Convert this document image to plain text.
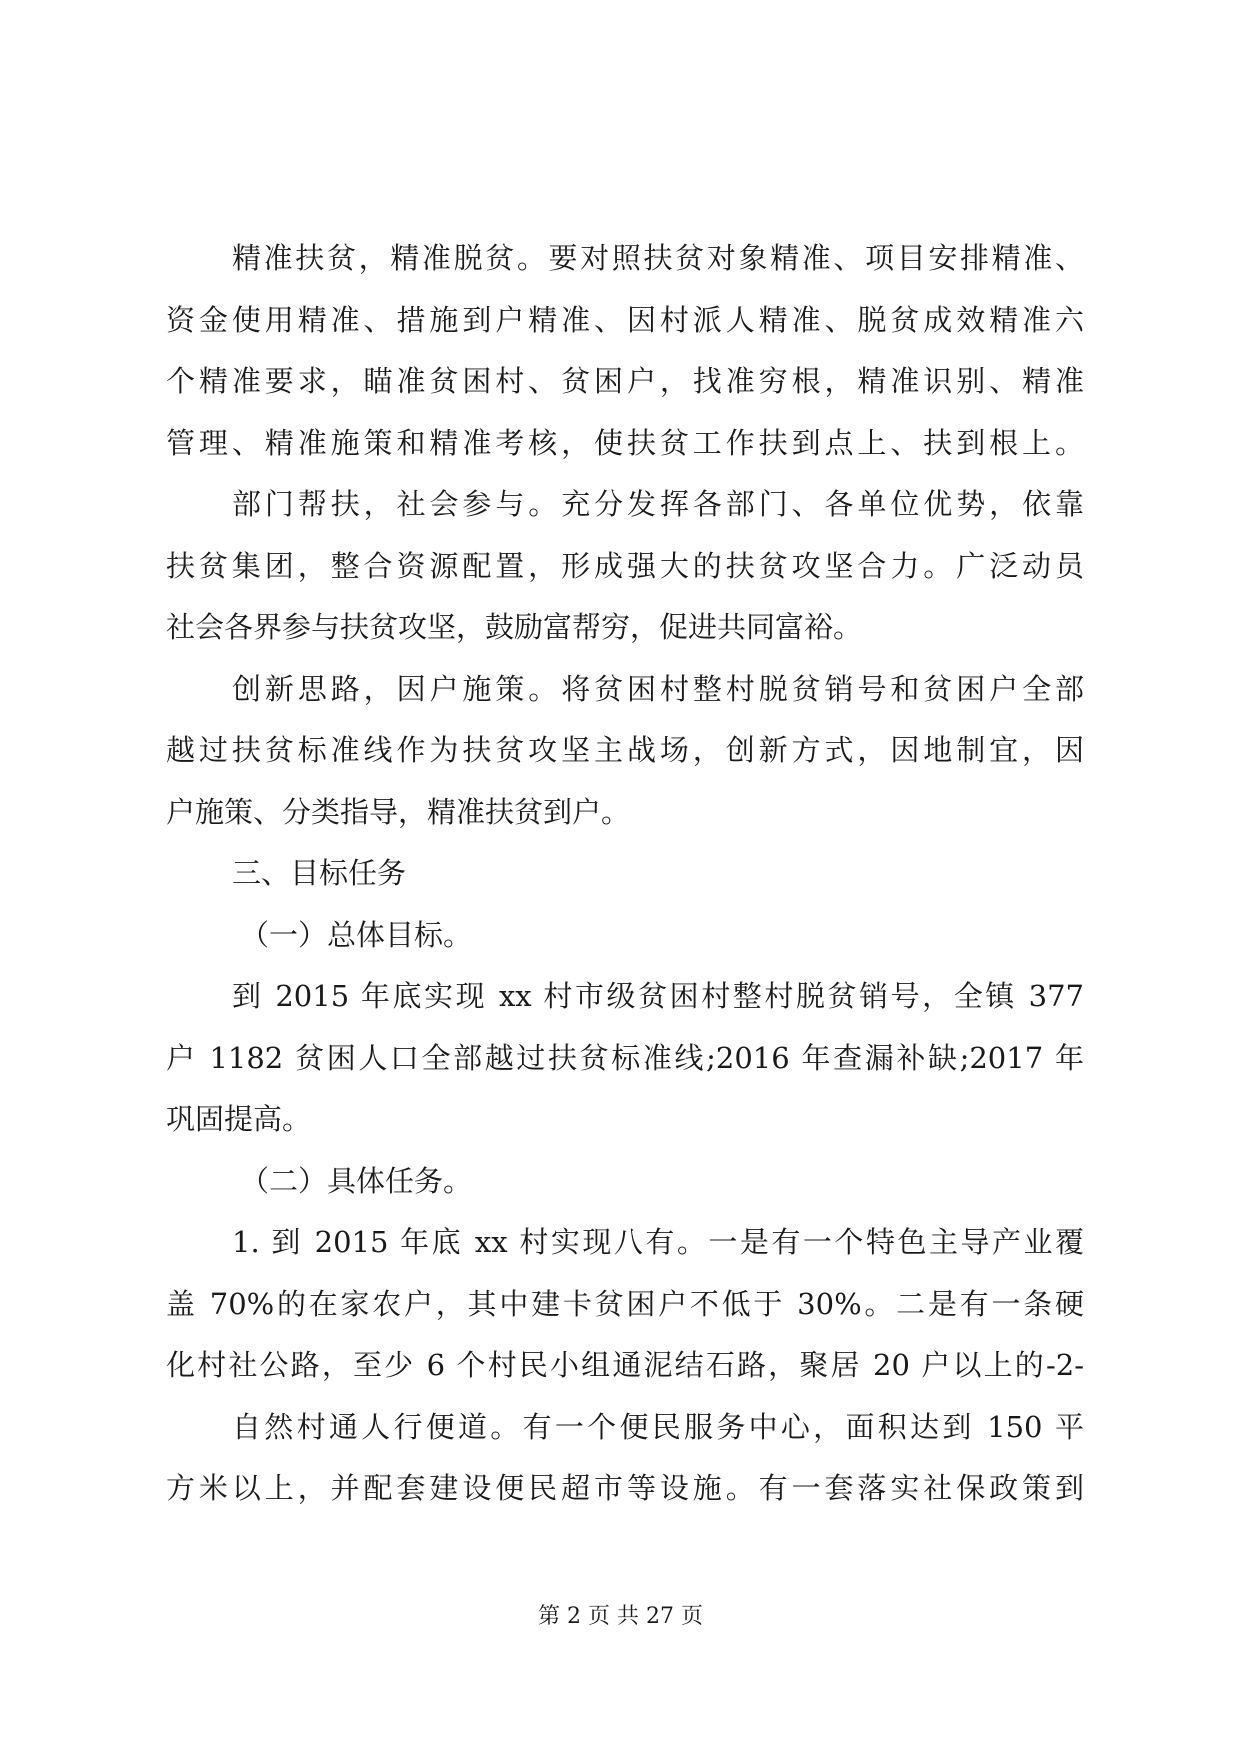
精准扶贫，精准脱贫。要对照扶贫对象精准、项目安排精准、
资金使用精准、措施到户精准、因村派人精准、脱贫成效精准六
个精准要求，瞄准贫困村、贫困户，找准穷根，精准识别、精准
管理、精准施策和精准考核，使扶贫工作扶到点上、扶到根上。
部门帮扶，社会参与。充分发挥各部门、各单位优势，依靠
扶贫集团，整合资源配置，形成强大的扶贫攻坚合力。广泛动员
社会各界参与扶贫攻坚，鼓励富帮穷，促进共同富裕。
创新思路，因户施策。将贫困村整村脱贫销号和贫困户全部
越过扶贫标准线作为扶贫攻坚主战场，创新方式，因地制宜，因
户施策、分类指导，精准扶贫到户。
三、目标任务
（一）总体目标。
到 2015 年底实现 xx 村市级贫困村整村脱贫销号，全镇 377
户 1182 贫困人口全部越过扶贫标准线;2016 年查漏补缺;2017 年
巩固提高。
（二）具体任务。
1. 到 2015 年底 xx 村实现八有。一是有一个特色主导产业覆
盖 70%的在家农户，其中建卡贫困户不低于 30%。二是有一条硬
化村社公路，至少 6 个村民小组通泥结石路，聚居 20 户以上的-2-
自然村通人行便道。有一个便民服务中心，面积达到 150 平
方米以上，并配套建设便民超市等设施。有一套落实社保政策到
第 2 页 共 27 页
